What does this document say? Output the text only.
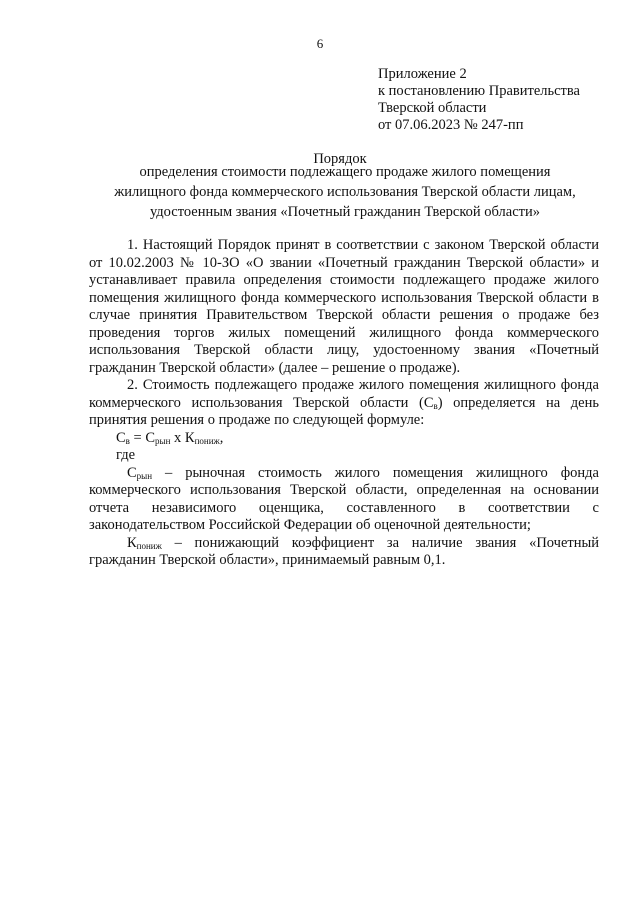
6
Приложение 2
к постановлению Правительства
Тверской области
от 07.06.2023 № 247-пп
Порядок
определения стоимости подлежащего продаже жилого помещения
жилищного фонда коммерческого использования Тверской области лицам,
удостоенным звания «Почетный гражданин Тверской области»

1. Настоящий Порядок принят в соответствии с законом Тверской области от 10.02.2003 № 10-ЗО «О звании «Почетный гражданин Тверской области» и устанавливает правила определения стоимости подлежащего продаже жилого помещения жилищного фонда коммерческого использования Тверской области в случае принятия Правительством Тверской области решения о продаже без проведения торгов жилых помещений жилищного фонда коммерческого использования Тверской области лицу, удостоенному звания «Почетный гражданин Тверской области» (далее – решение о продаже).

2. Стоимость подлежащего продаже жилого помещения жилищного фонда коммерческого использования Тверской области $(С_в)$ определяется на день принятия решения о продаже по следующей формуле:

$С_в = С_{рын}$ х $К_{пониж}$,

где

$С_{рын}$ – рыночная стоимость жилого помещения жилищного фонда коммерческого использования Тверской области, определенная на основании отчета независимого оценщика, составленного в соответствии с законодательством Российской Федерации об оценочной деятельности;

$К_{пониж}$ – понижающий коэффициент за наличие звания «Почетный гражданин Тверской области», принимаемый равным 0,1.
